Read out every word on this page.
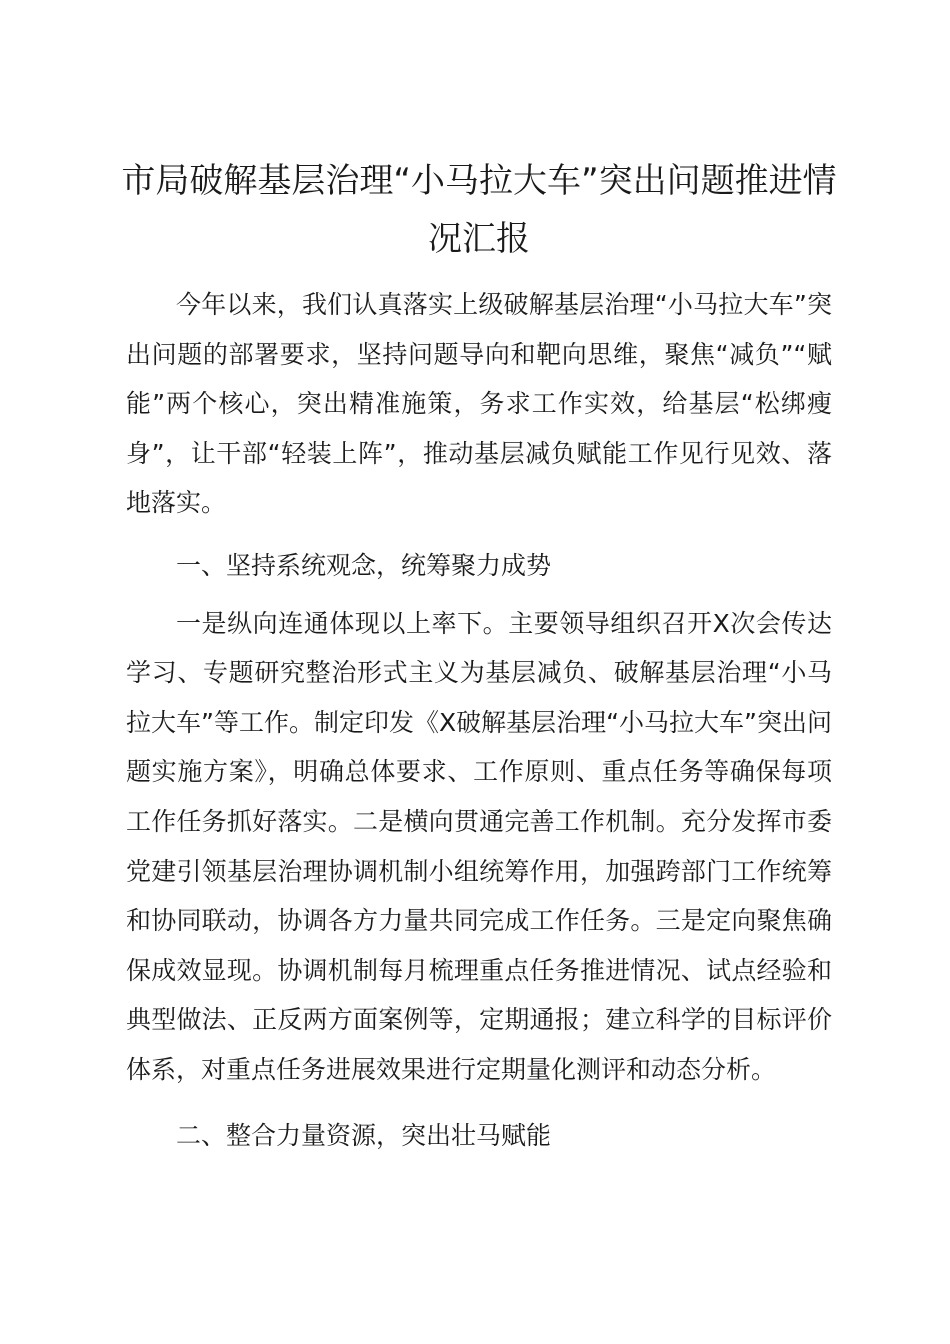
市局破解基层治理“小马拉大车”突出问题推进情况汇报

今年以来，我们认真落实上级破解基层治理“小马拉大车”突出问题的部署要求，坚持问题导向和靶向思维，聚焦“减负”“赋能”两个核心，突出精准施策，务求工作实效，给基层“松绑瘦身”，让干部“轻装上阵”，推动基层减负赋能工作见行见效、落地落实。

一、坚持系统观念，统筹聚力成势

一是纵向连通体现以上率下。主要领导组织召开X次会传达学习、专题研究整治形式主义为基层减负、破解基层治理“小马拉大车”等工作。制定印发《X破解基层治理“小马拉大车”突出问题实施方案》，明确总体要求、工作原则、重点任务等确保每项工作任务抓好落实。二是横向贯通完善工作机制。充分发挥市委党建引领基层治理协调机制小组统筹作用，加强跨部门工作统筹和协同联动，协调各方力量共同完成工作任务。三是定向聚焦确保成效显现。协调机制每月梳理重点任务推进情况、试点经验和典型做法、正反两方面案例等，定期通报；建立科学的目标评价体系，对重点任务进展效果进行定期量化测评和动态分析。

二、整合力量资源，突出壮马赋能
